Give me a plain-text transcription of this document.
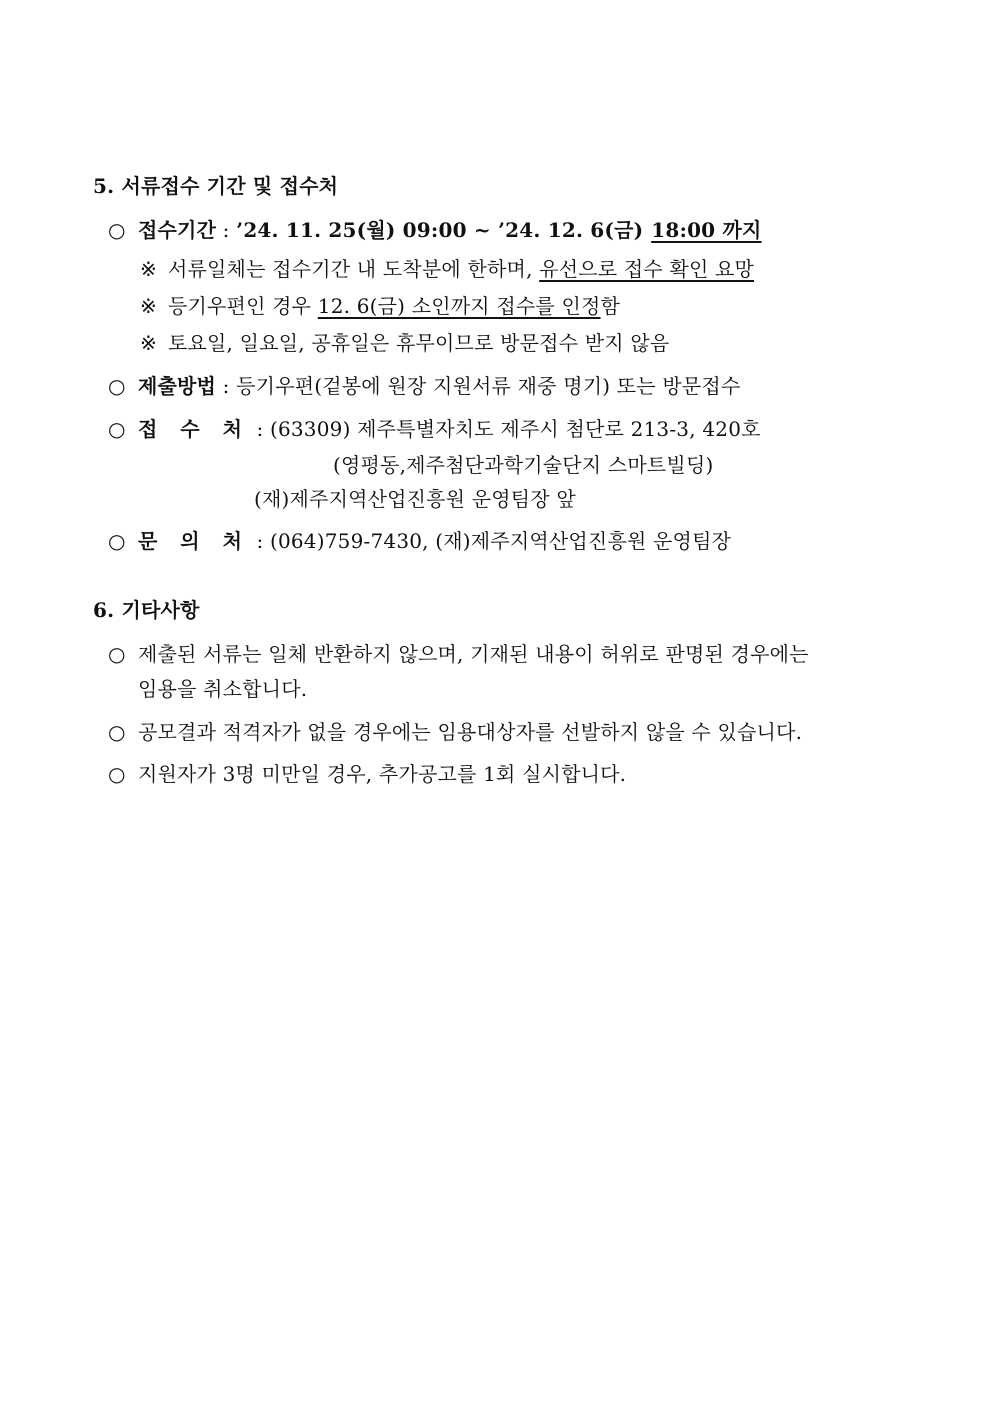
5. 서류접수 기간 및 접수처
○ 접수기간 : ’24. 11. 25(월) 09:00 ~ ’24. 12. 6(금) 18:00 까지
※ 서류일체는 접수기간 내 도착분에 한하며, 유선으로 접수 확인 요망
※ 등기우편인 경우 12. 6(금) 소인까지 접수를 인정함
※ 토요일, 일요일, 공휴일은 휴무이므로 방문접수 받지 않음
○ 제출방법 : 등기우편(겉봉에 원장 지원서류 재중 명기) 또는 방문접수
○ 접 수 처 : (63309) 제주특별자치도 제주시 첨단로 213-3, 420호
(영평동,제주첨단과학기술단지 스마트빌딩)
(재)제주지역산업진흥원 운영팀장 앞
○ 문 의 처 : (064)759-7430, (재)제주지역산업진흥원 운영팀장
6. 기타사항
○ 제출된 서류는 일체 반환하지 않으며, 기재된 내용이 허위로 판명된 경우에는
임용을 취소합니다.
○ 공모결과 적격자가 없을 경우에는 임용대상자를 선발하지 않을 수 있습니다.
○ 지원자가 3명 미만일 경우, 추가공고를 1회 실시합니다.
